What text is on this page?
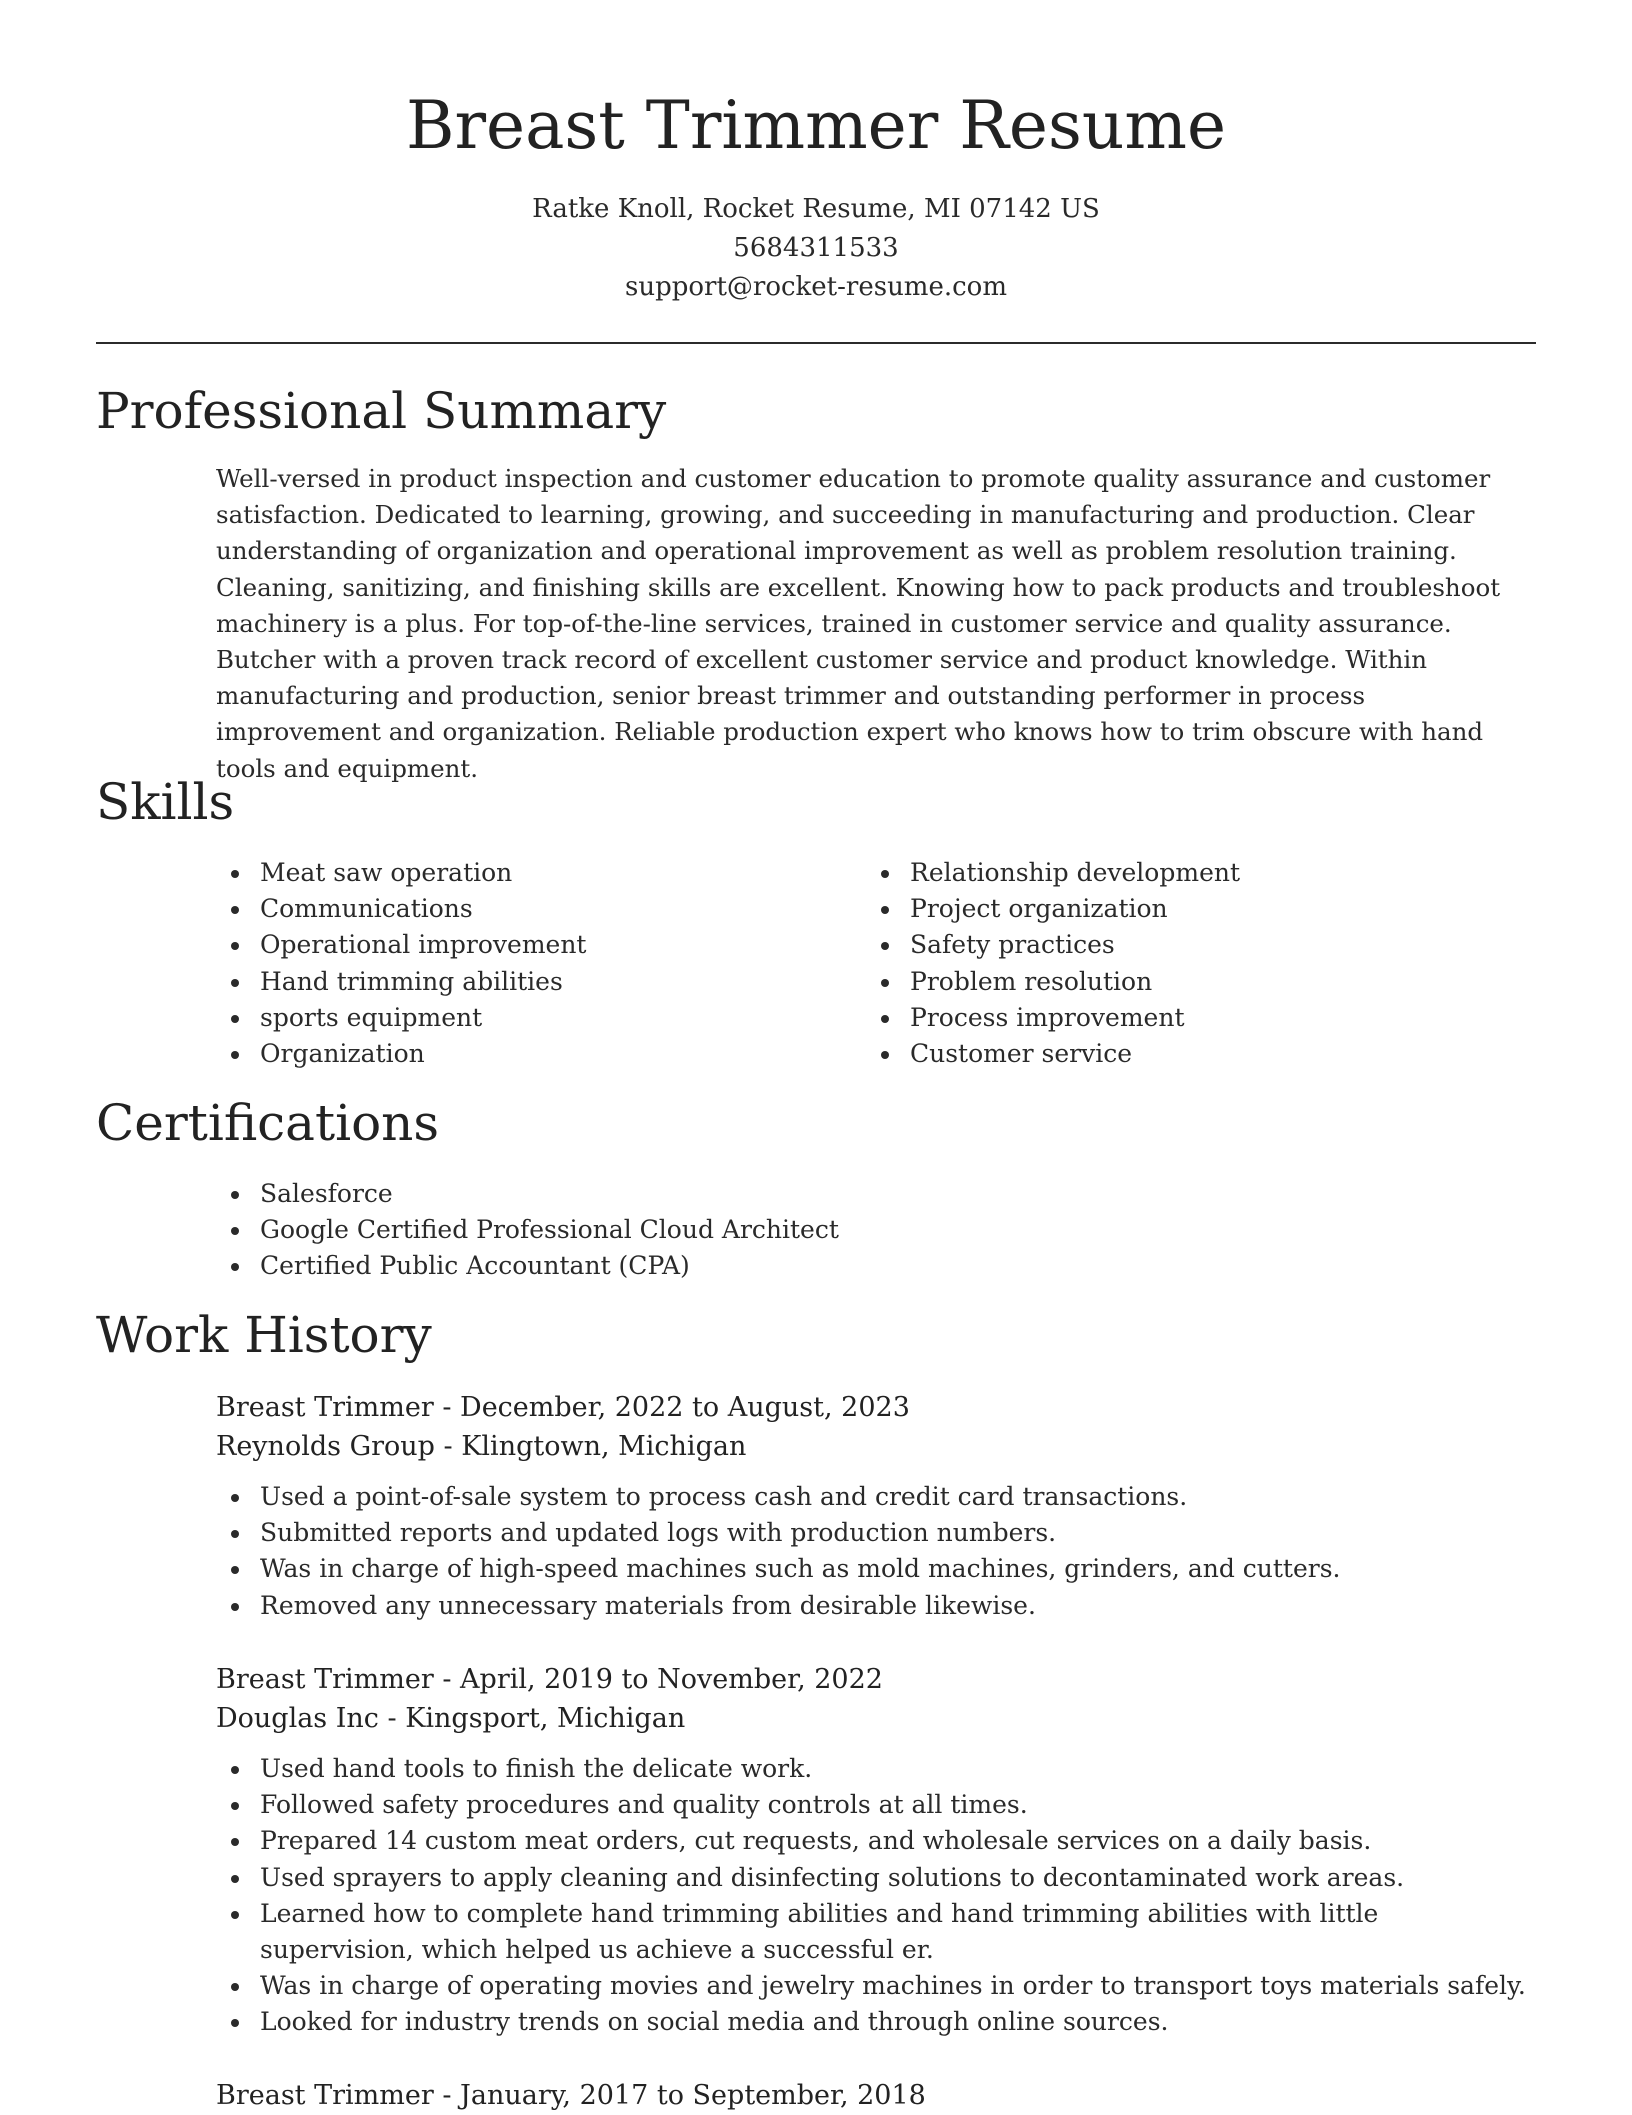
Breast Trimmer Resume
Ratke Knoll, Rocket Resume, MI 07142 US
5684311533
support@rocket-resume.com
Professional Summary

Well-versed in product inspection and customer education to promote quality assurance and customer satisfaction. Dedicated to learning, growing, and succeeding in manufacturing and production. Clear understanding of organization and operational improvement as well as problem resolution training. Cleaning, sanitizing, and finishing skills are excellent. Knowing how to pack products and troubleshoot machinery is a plus. For top-of-the-line services, trained in customer service and quality assurance. Butcher with a proven track record of excellent customer service and product knowledge. Within manufacturing and production, senior breast trimmer and outstanding performer in process improvement and organization. Reliable production expert who knows how to trim obscure with hand tools and equipment.

Skills
Meat saw operation
Communications
Operational improvement
Hand trimming abilities
sports equipment
Organization
Relationship development
Project organization
Safety practices
Problem resolution
Process improvement
Customer service
Certifications
Salesforce
Google Certified Professional Cloud Architect
Certified Public Accountant (CPA)
Work History
Breast Trimmer - December, 2022 to August, 2023
Reynolds Group - Klingtown, Michigan
Used a point-of-sale system to process cash and credit card transactions.
Submitted reports and updated logs with production numbers.
Was in charge of high-speed machines such as mold machines, grinders, and cutters.
Removed any unnecessary materials from desirable likewise.
Breast Trimmer - April, 2019 to November, 2022
Douglas Inc - Kingsport, Michigan
Used hand tools to finish the delicate work.
Followed safety procedures and quality controls at all times.
Prepared 14 custom meat orders, cut requests, and wholesale services on a daily basis.
Used sprayers to apply cleaning and disinfecting solutions to decontaminated work areas.
Learned how to complete hand trimming abilities and hand trimming abilities with little supervision, which helped us achieve a successful er.
Was in charge of operating movies and jewelry machines in order to transport toys materials safely.
Looked for industry trends on social media and through online sources.
Breast Trimmer - January, 2017 to September, 2018
